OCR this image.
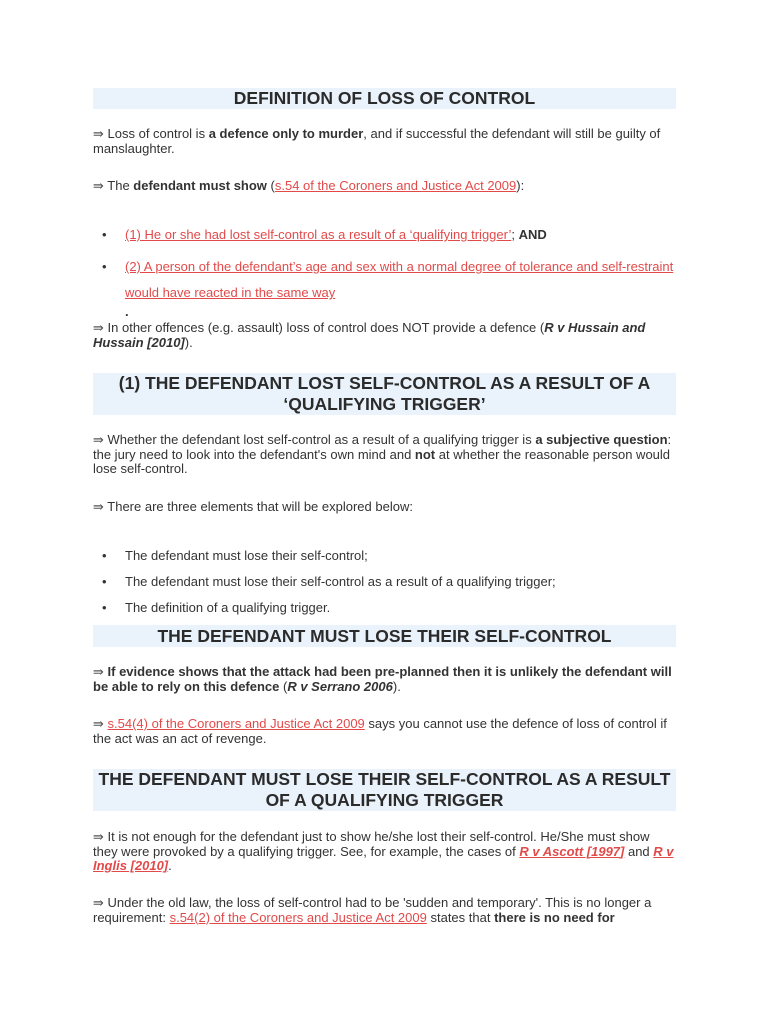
DEFINITION OF LOSS OF CONTROL
⇛ Loss of control is a defence only to murder, and if successful the defendant will still be guilty of manslaughter.
⇛ The defendant must show (s.54 of the Coroners and Justice Act 2009):
• (1) He or she had lost self-control as a result of a ‘qualifying trigger’; AND
• (2) A person of the defendant’s age and sex with a normal degree of tolerance and self-restraint would have reacted in the same way
.
⇛ In other offences (e.g. assault) loss of control does NOT provide a defence (R v Hussain and Hussain [2010]).
(1) THE DEFENDANT LOST SELF-CONTROL AS A RESULT OF A ‘QUALIFYING TRIGGER’
⇛ Whether the defendant lost self-control as a result of a qualifying trigger is a subjective question: the jury need to look into the defendant's own mind and not at whether the reasonable person would lose self-control.
⇛ There are three elements that will be explored below:
• The defendant must lose their self-control;
• The defendant must lose their self-control as a result of a qualifying trigger;
• The definition of a qualifying trigger.
THE DEFENDANT MUST LOSE THEIR SELF-CONTROL
⇛ If evidence shows that the attack had been pre-planned then it is unlikely the defendant will be able to rely on this defence (R v Serrano 2006).
⇛ s.54(4) of the Coroners and Justice Act 2009 says you cannot use the defence of loss of control if the act was an act of revenge.
THE DEFENDANT MUST LOSE THEIR SELF-CONTROL AS A RESULT OF A QUALIFYING TRIGGER
⇛ It is not enough for the defendant just to show he/she lost their self-control. He/She must show they were provoked by a qualifying trigger. See, for example, the cases of R v Ascott [1997] and R v Inglis [2010].
⇛ Under the old law, the loss of self-control had to be 'sudden and temporary'. This is no longer a requirement: s.54(2) of the Coroners and Justice Act 2009 states that there is no need for
